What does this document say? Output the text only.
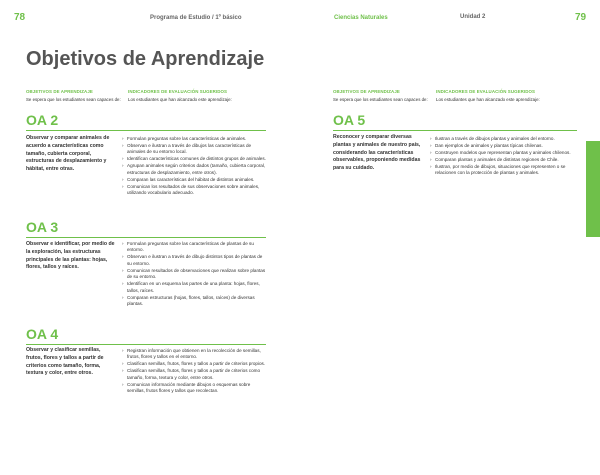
78	Programa de Estudio / 1º básico	Ciencias Naturales	Unidad 2	79
Objetivos de Aprendizaje
OBJETIVOS DE APRENDIZAJE
Se espera que los estudiantes sean capaces de:
INDICADORES DE EVALUACIÓN SUGERIDOS
Los estudiantes que han alcanzado este aprendizaje:
OA 2
Observar y comparar animales de acuerdo a características como tamaño, cubierta corporal, estructuras de desplazamiento y hábitat, entre otras.
› Formulan preguntas sobre las características de animales.
› Observan e ilustran a través de dibujos las características de animales de su entorno local.
› Identifican características comunes de distintos grupos de animales.
› Agrupan animales según criterios dados (tamaño, cubierta corporal, estructuras de desplazamiento, entre otros).
› Comparan las características del hábitat de distintos animales.
› Comunican los resultados de sus observaciones sobre animales, utilizando vocabulario adecuado.
OA 3
Observar e identificar, por medio de la exploración, las estructuras principales de las plantas: hojas, flores, tallos y raíces.
› Formulan preguntas sobre las características de plantas de su entorno.
› Observan e ilustran a través de dibujo distintos tipos de plantas de su entorno.
› Comunican resultados de observaciones que realizan sobre plantas de su entorno.
› Identifican en un esquema las partes de una planta: hojas, flores, tallos, raíces.
› Comparan estructuras (hojas, flores, tallos, raíces) de diversas plantas.
OA 4
Observar y clasificar semillas, frutos, flores y tallos a partir de criterios como tamaño, forma, textura y color, entre otros.
› Registran información que obtienen en la recolección de semillas, frutos, flores y tallos en el entorno.
› Clasifican semillas, frutos, flores y tallos a partir de criterios propios.
› Clasifican semillas, frutos, flores y tallos a partir de criterios como tamaño, forma, textura y color, entre otros.
› Comunican información mediante dibujos o esquemas sobre semillas, frutos flores y tallos que recolectan.
OBJETIVOS DE APRENDIZAJE
Se espera que los estudiantes sean capaces de:
INDICADORES DE EVALUACIÓN SUGERIDOS
Los estudiantes que han alcanzado este aprendizaje:
OA 5
Reconocer y comparar diversas plantas y animales de nuestro país, considerando las características observables, proponiendo medidas para su cuidado.
› Ilustran a través de dibujos plantas y animales del entorno.
› Dan ejemplos de animales y plantas típicas chilenas.
› Construyen modelos que representan plantas y animales chilenos.
› Comparan plantas y animales de distintas regiones de Chile.
› Ilustran, por medio de dibujos, situaciones que representen o se relacionen con la protección de plantas y animales.
